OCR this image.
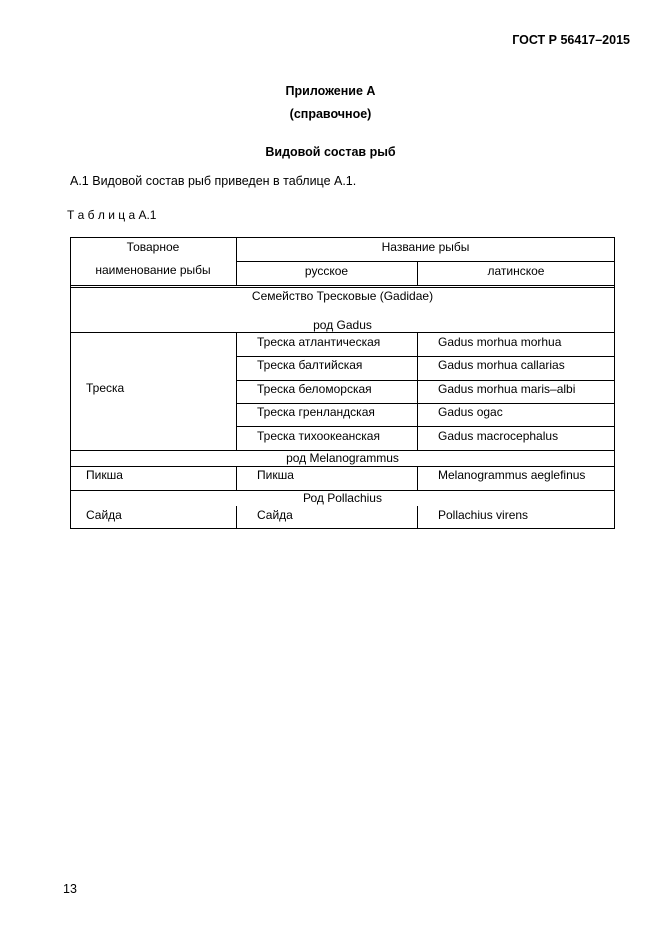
ГОСТ Р 56417–2015
Приложение А
(справочное)
Видовой состав рыб
А.1 Видовой состав рыб приведен в таблице А.1.
Т а б л и ц а А.1
Товарное
наименование рыбы
Название рыбы
русское	латинское
Семейство Тресковые (Gadidae)
род Gadus
Треска
Треска атлантическая	Gadus morhua morhua
Треска балтийская	Gadus morhua callarias
Треска беломорская	Gadus morhua maris–albi
Треска гренландская	Gadus ogac
Треска тихоокеанская	Gadus macrocephalus
род Melanogrammus
Пикша	Пикша	Melanogrammus aeglefinus
Род Pollachius
Сайда	Сайда	Pollachius virens
13
